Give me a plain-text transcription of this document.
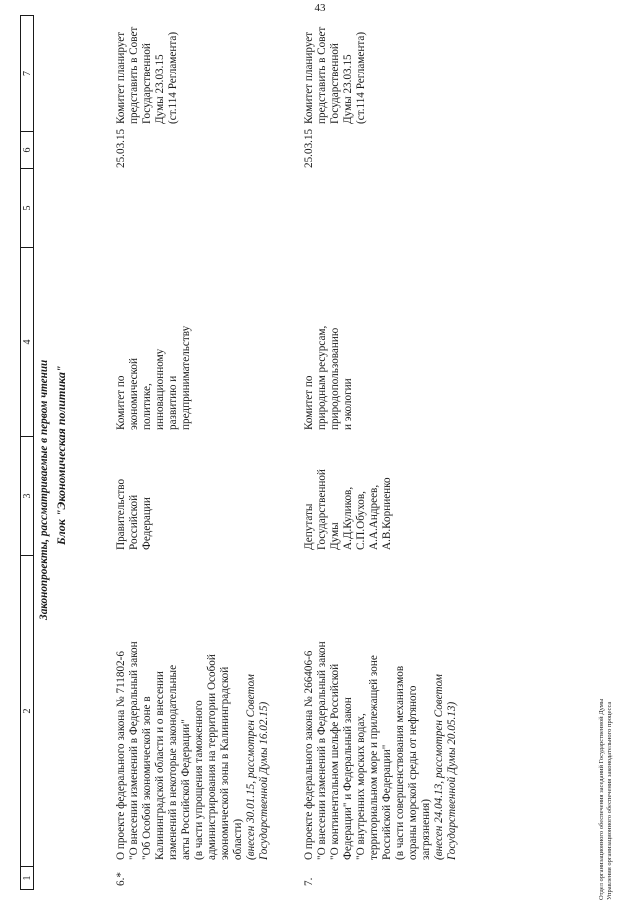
43
1
2
3
4
5
6
7
Законопроекты, рассматриваемые в первом чтении Блок "Экономическая политика"
6.*

О проекте федерального закона № 711802-6 "О внесении изменений в Федеральный закон "Об Особой экономической зоне в Калининградской области и о внесении изменений в некоторые законодательные акты Российской Федерации" (в части упрощения таможенного администрирования на территории Особой экономической зоны в Калининградской области) (внесен 30.01.15, рассмотрен Советом Государственной Думы 16.02.15)

Правительство Российской Федерации

Комитет по экономической политике, инновационному развитию и предпринимательству

25.03.15

Комитет планирует представить в Совет Государственной Думы 23.03.15 (ст.114 Регламента)

7.

О проекте федерального закона № 266406-6 "О внесении изменений в Федеральный закон "О континентальном шельфе Российской Федерации" и Федеральный закон "О внутренних морских водах, территориальном море и прилежащей зоне Российской Федерации" (в части совершенствования механизмов охраны морской среды от нефтяного загрязнения) (внесен 24.04.13, рассмотрен Советом Государственной Думы 20.05.13)

Депутаты Государственной Думы А.Д.Куликов, С.П.Обухов, А.А.Андреев, А.В.Корниенко

Комитет по природным ресурсам, природопользованию и экологии

25.03.15

Комитет планирует представить в Совет Государственной Думы 23.03.15 (ст.114 Регламента)

Отдел организационного обеспечения заседаний Государственной Думы Управления организационного обеспечения законодательного процесса
